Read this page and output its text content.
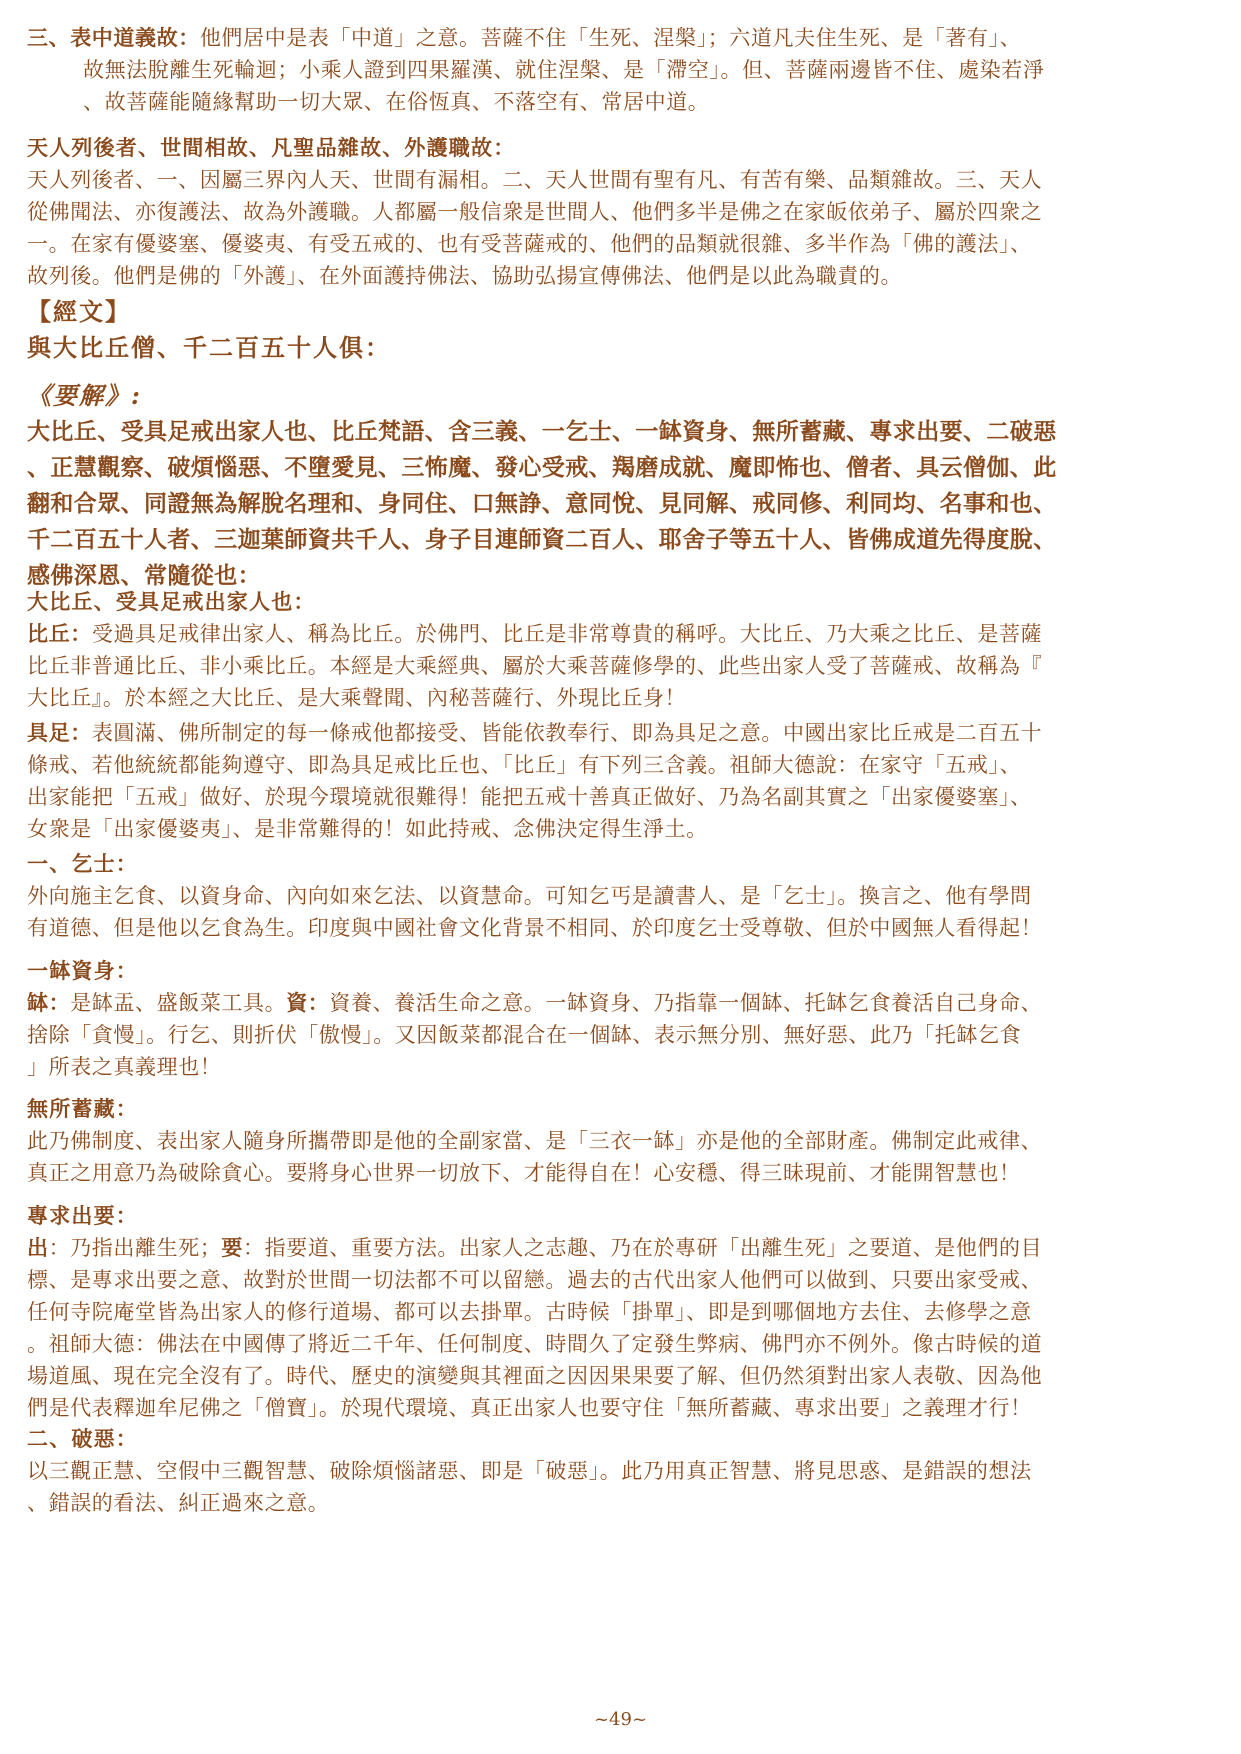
三、表中道義故：他們居中是表「中道」之意。菩薩不住「生死、涅槃」；六道凡夫住生死、是「著有」、
故無法脫離生死輪迴；小乘人證到四果羅漢、就住涅槃、是「滯空」。但、菩薩兩邊皆不住、處染若淨
、故菩薩能隨緣幫助一切大眾、在俗恆真、不落空有、常居中道。
天人列後者、世間相故、凡聖品雜故、外護職故：
天人列後者、一、因屬三界內人天、世間有漏相。二、天人世間有聖有凡、有苦有樂、品類雜故。三、天人
從佛聞法、亦復護法、故為外護職。人都屬一般信衆是世間人、他們多半是佛之在家皈依弟子、屬於四衆之
一。在家有優婆塞、優婆夷、有受五戒的、也有受菩薩戒的、他們的品類就很雜、多半作為「佛的護法」、
故列後。他們是佛的「外護」、在外面護持佛法、協助弘揚宣傳佛法、他們是以此為職責的。
【經文】
與大比丘僧、千二百五十人俱：
《要解》:
大比丘、受具足戒出家人也、比丘梵語、含三義、一乞士、一缽資身、無所蓄藏、專求出要、二破惡
、正慧觀察、破煩惱惡、不墮愛見、三怖魔、發心受戒、羯磨成就、魔即怖也、僧者、具云僧伽、此
翻和合眾、同證無為解脫名理和、身同住、口無諍、意同悅、見同解、戒同修、利同均、名事和也、
千二百五十人者、三迦葉師資共千人、身子目連師資二百人、耶舍子等五十人、皆佛成道先得度脫、
感佛深恩、常隨從也：
大比丘、受具足戒出家人也：
比丘：受過具足戒律出家人、稱為比丘。於佛門、比丘是非常尊貴的稱呼。大比丘、乃大乘之比丘、是菩薩
比丘非普通比丘、非小乘比丘。本經是大乘經典、屬於大乘菩薩修學的、此些出家人受了菩薩戒、故稱為『
大比丘』。於本經之大比丘、是大乘聲聞、內秘菩薩行、外現比丘身！
具足：表圓滿、佛所制定的每一條戒他都接受、皆能依教奉行、即為具足之意。中國出家比丘戒是二百五十
條戒、若他統統都能夠遵守、即為具足戒比丘也、「比丘」有下列三含義。祖師大德說：在家守「五戒」、
出家能把「五戒」做好、於現今環境就很難得！能把五戒十善真正做好、乃為名副其實之「出家優婆塞」、
女衆是「出家優婆夷」、是非常難得的！如此持戒、念佛決定得生淨土。
一、乞士：
外向施主乞食、以資身命、內向如來乞法、以資慧命。可知乞丐是讀書人、是「乞士」。換言之、他有學問
有道德、但是他以乞食為生。印度與中國社會文化背景不相同、於印度乞士受尊敬、但於中國無人看得起！
一缽資身：
缽：是缽盂、盛飯菜工具。資：資養、養活生命之意。一缽資身、乃指靠一個缽、托缽乞食養活自己身命、
捨除「貪慢」。行乞、則折伏「傲慢」。又因飯菜都混合在一個缽、表示無分別、無好惡、此乃「托缽乞食
」所表之真義理也！
無所蓄藏：
此乃佛制度、表出家人隨身所攜帶即是他的全副家當、是「三衣一缽」亦是他的全部財產。佛制定此戒律、
真正之用意乃為破除貪心。要將身心世界一切放下、才能得自在！心安穩、得三昧現前、才能開智慧也！
專求出要：
出：乃指出離生死；要：指要道、重要方法。出家人之志趣、乃在於專研「出離生死」之要道、是他們的目
標、是專求出要之意、故對於世間一切法都不可以留戀。過去的古代出家人他們可以做到、只要出家受戒、
任何寺院庵堂皆為出家人的修行道場、都可以去掛單。古時候「掛單」、即是到哪個地方去住、去修學之意
。祖師大德：佛法在中國傳了將近二千年、任何制度、時間久了定發生弊病、佛門亦不例外。像古時候的道
場道風、現在完全沒有了。時代、歷史的演變與其裡面之因因果果要了解、但仍然須對出家人表敬、因為他
們是代表釋迦牟尼佛之「僧寶」。於現代環境、真正出家人也要守住「無所蓄藏、專求出要」之義理才行！
二、破惡：
以三觀正慧、空假中三觀智慧、破除煩惱諸惡、即是「破惡」。此乃用真正智慧、將見思惑、是錯誤的想法
、錯誤的看法、糾正過來之意。
~49~
